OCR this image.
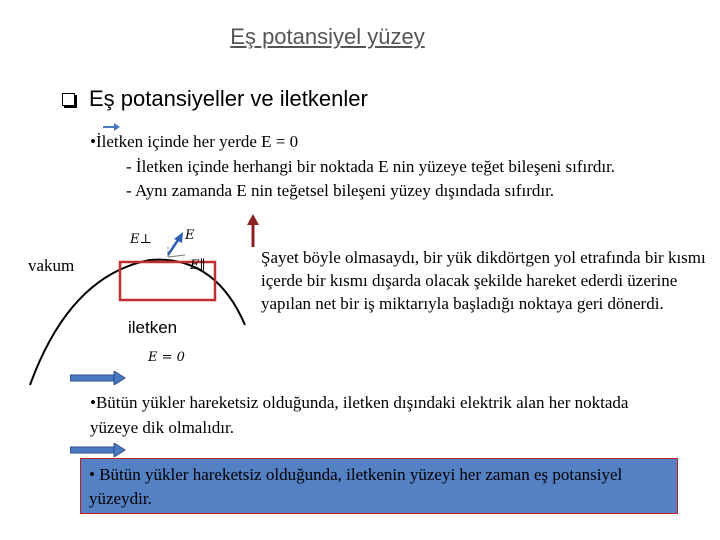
Eş potansiyel yüzey
Eş potansiyeller ve iletkenler
•İletken içinde her yerde E = 0
- İletken içinde herhangi bir noktada E nin yüzeye teğet bileşeni sıfırdır.
- Aynı zamanda E nin teğetsel bileşeni yüzey dışındada sıfırdır.
E⊥	E
E∥
E = 0
vakum
iletken
Şayet böyle olmasaydı, bir yük dikdörtgen yol etrafında bir kısmı içerde bir kısmı dışarda olacak şekilde hareket ederdi üzerine yapılan net bir iş miktarıyla başladığı noktaya geri dönerdi.
•Bütün yükler hareketsiz olduğunda, iletken dışındaki elektrik alan her noktada yüzeye dik olmalıdır.
• Bütün yükler hareketsiz olduğunda, iletkenin yüzeyi her zaman eş potansiyel yüzeydir.
